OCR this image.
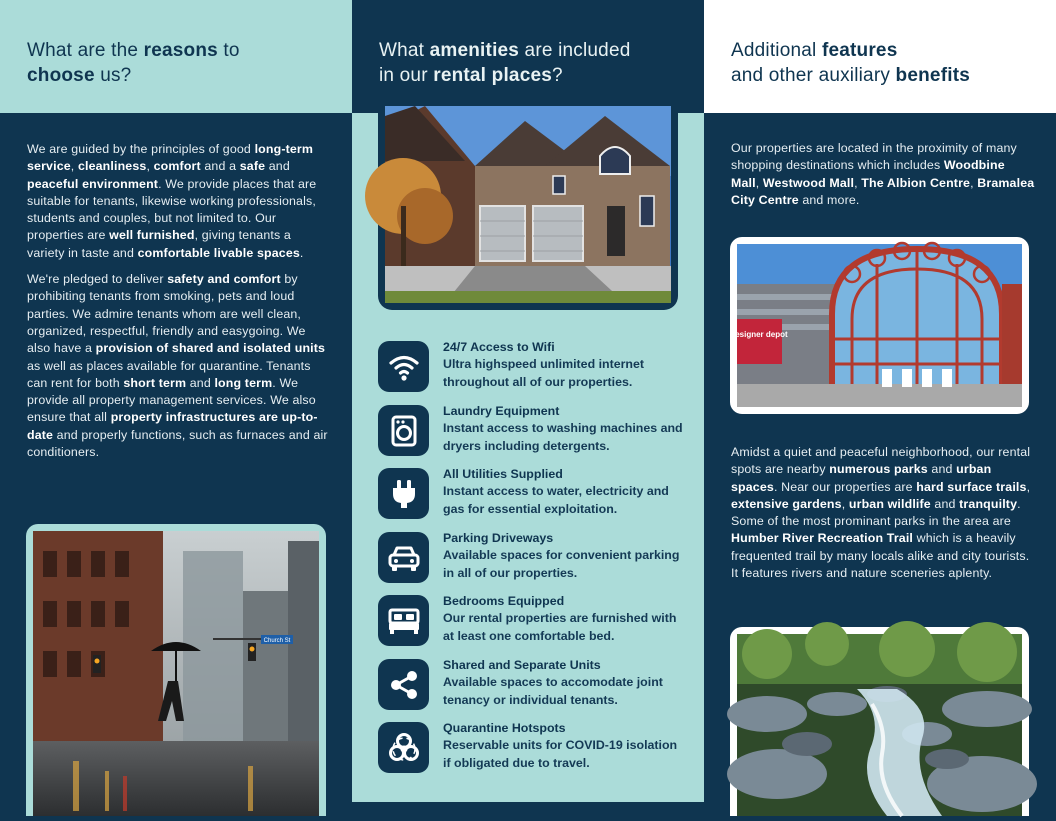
What are the reasons to
choose us?

We are guided by the principles of good long-term service, cleanliness, comfort and a safe and peaceful environment. We provide places that are suitable for tenants, likewise working professionals, students and couples, but not limited to. Our properties are well furnished, giving tenants a variety in taste and comfortable livable spaces.

We're pledged to deliver safety and comfort by prohibiting tenants from smoking, pets and loud parties. We admire tenants whom are well clean, organized, respectful, friendly and easygoing. We also have a provision of shared and isolated units as well as places available for quarantine. Tenants can rent for both short term and long term. We provide all property management services. We also ensure that all property infrastructures are up-to-date and properly functions, such as furnaces and air conditioners.

Church St
What amenities are included
in our rental places?
24/7 Access to Wifi
Ultra highspeed unlimited internet throughout all of our properties.
Laundry Equipment
Instant access to washing machines and dryers including detergents.
All Utilities Supplied
Instant access to water, electricity and gas for essential exploitation.
Parking Driveways
Available spaces for convenient parking in all of our properties.
Bedrooms Equipped
Our rental properties are furnished with at least one comfortable bed.
Shared and Separate Units
Available spaces to accomodate joint tenancy or individual tenants.
Quarantine Hotspots
Reservable units for COVID-19 isolation if obligated due to travel.
Additional features
and other auxiliary benefits

Our properties are located in the proximity of many shopping destinations which includes Woodbine Mall, Westwood Mall, The Albion Centre, Bramalea City Centre and more.

designer depot

Amidst a quiet and peaceful neighborhood, our rental spots are nearby numerous parks and urban spaces. Near our properties are hard surface trails, extensive gardens, urban wildlife and tranquilty. Some of the most prominant parks in the area are Humber River Recreation Trail which is a heavily frequented trail by many locals alike and city tourists. It features rivers and nature sceneries aplenty.
